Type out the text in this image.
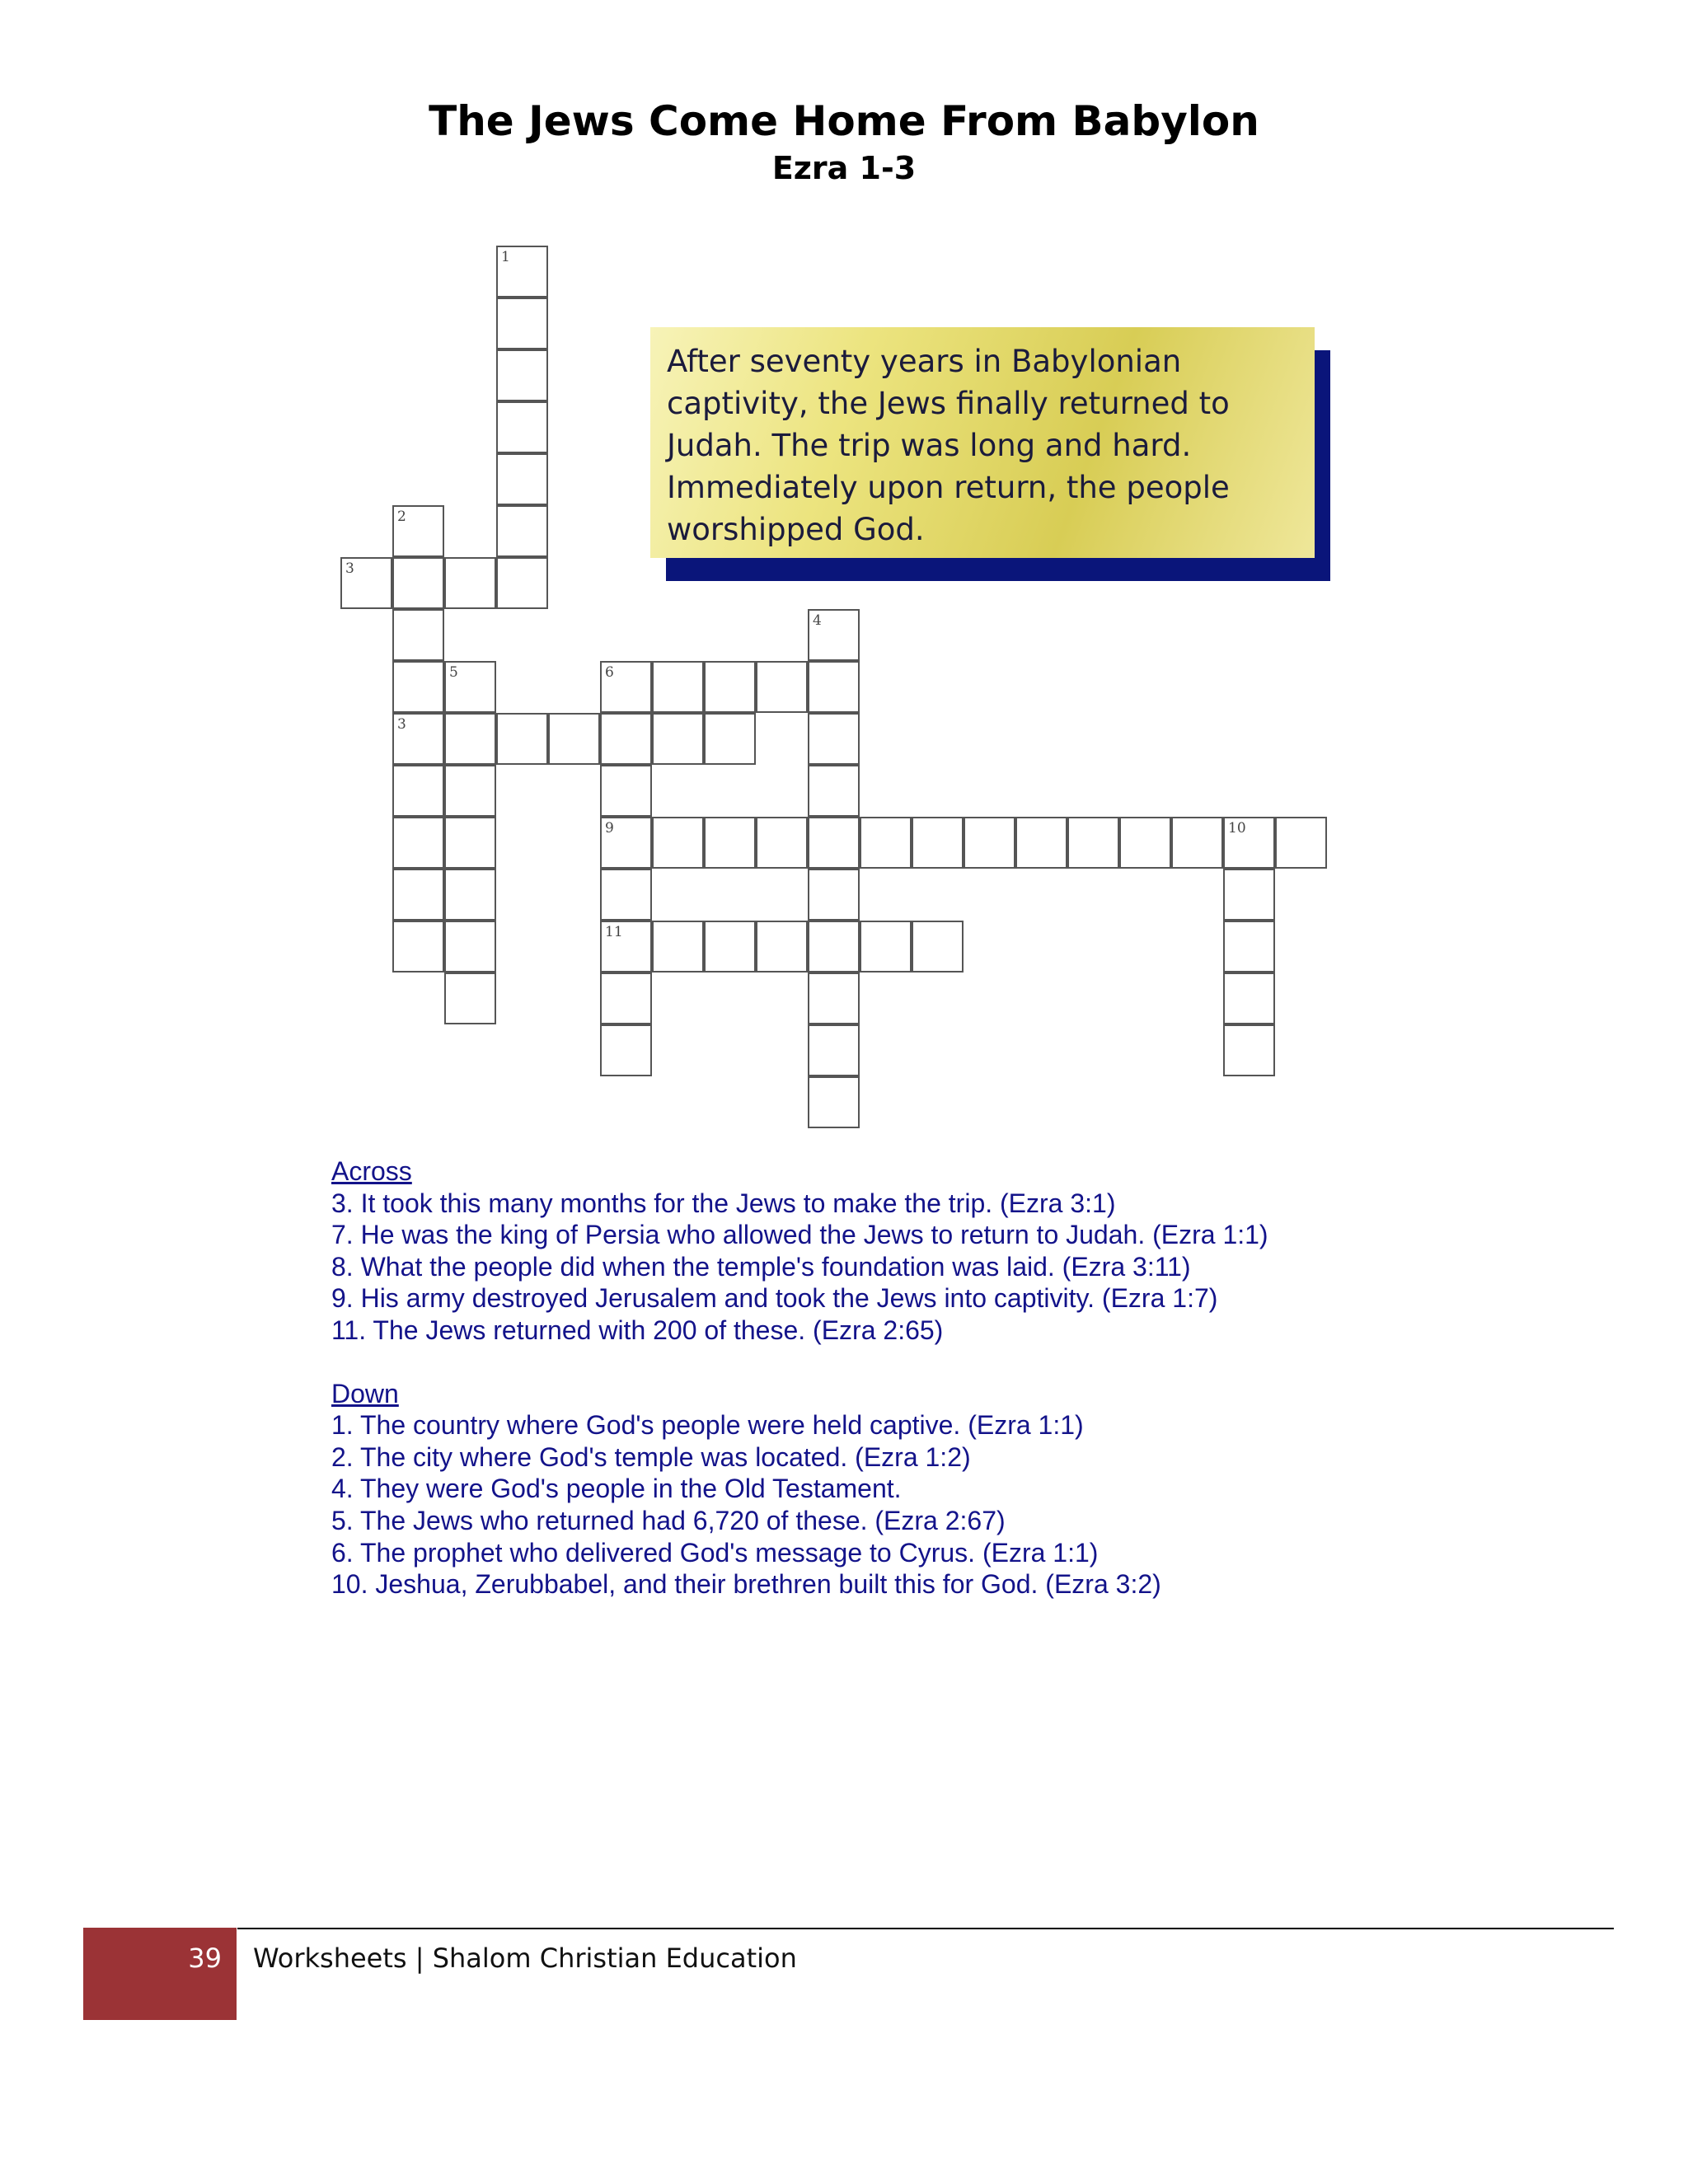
The Jews Come Home From Babylon
Ezra 1-3
1
2
3
3
4
5	6
9
11
10
After seventy years in Babylonian
captivity, the Jews finally returned to
Judah. The trip was long and hard.
Immediately upon return, the people
worshipped God.
Across
3. It took this many months for the Jews to make the trip. (Ezra 3:1)
7. He was the king of Persia who allowed the Jews to return to Judah. (Ezra 1:1)
8. What the people did when the temple's foundation was laid. (Ezra 3:11)
9. His army destroyed Jerusalem and took the Jews into captivity. (Ezra 1:7)
11. The Jews returned with 200 of these. (Ezra 2:65)
Down
1. The country where God's people were held captive. (Ezra 1:1)
2. The city where God's temple was located. (Ezra 1:2)
4. They were God's people in the Old Testament.
5. The Jews who returned had 6,720 of these. (Ezra 2:67)
6. The prophet who delivered God's message to Cyrus. (Ezra 1:1)
10. Jeshua, Zerubbabel, and their brethren built this for God. (Ezra 3:2)
39 Worksheets | Shalom Christian Education
